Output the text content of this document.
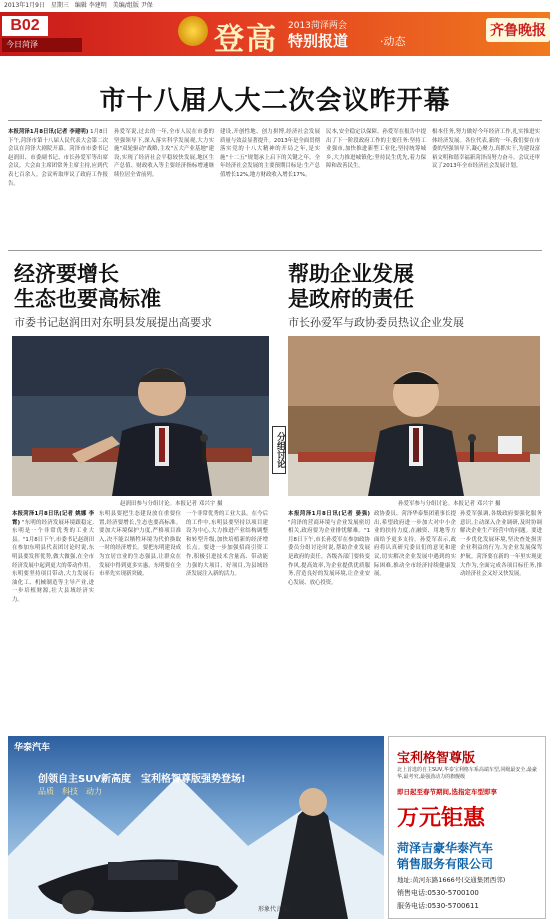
2013年1月9日　星期三　编辑 李建明　美编/组版 尹保
B02
今日菏泽	登高 2013菏泽两会
特别报道	·动态
齐鲁晚报
市十八届人大二次会议昨开幕
本报菏泽1月8日讯(记者 李建明) 1月8日下午,菏泽市第十八届人民代表大会第二次会议在菏泽大剧院开幕。菏泽市市委书记赵润田、市委副书记、市长孙爱军等出席会议。大会由主席团常务主席主持,应到代表七百余人。会议听取审议了政府工作报告。
孙爱军说,过去的一年,全市人民在市委的坚强领导下,深入落实科学发展观,大力实施"双轮驱动"战略,主攻"五大产业基地"建设,实现了经济社会平稳较快发展,地区生产总值、财政收入等主要经济指标增速继续位居全省前列。
建设,开创性地、创力拼博,经济社会发展质量与效益显著提升。2013年是全面贯彻落实党的十八大精神的开局之年,是实施"十二五"规划承上启下的关键之年。全年经济社会发展的主要预期目标是:生产总值增长12%,地方财政收入增长17%。
民本,安全稳定以保障。孙爱军在报告中提出了下一阶段政府工作的主要任务:坚持工业强市,加快推进新型工业化;坚持统筹城乡,大力推进城镇化;坚持民生优先,着力保障和改善民生。
根本任务,努力做好今年经济工作,扎实推进实体经济发展。各位代表,新的一年,我们要在市委的坚强领导下,凝心聚力,真抓实干,为建设富裕文明和谐幸福新菏泽而努力奋斗。会议还审议了2013年全市经济社会发展计划。
经济要增长
生态也要高标准
市委书记赵润田对东明县发展提出高要求
赵润田参与分组讨论。本报记者 邓兴宇 摄
本报菏泽1月8日讯(记者 姚娜 李霄) "东明的经济发展环境跟稳定,东明是一个非常优秀的工业大县。"1月8日下午,市委书记赵润田在参加东明县代表团讨论时说,东明县要发挥优势,做大做强,在全市经济发展中起到更大的带动作用。东明要坚持项目带动,大力发展石油化工、机械制造等主导产业,进一步培植财源,壮大县域经济实力。
东明县要把生态建设放在重要位置,经济要增长,生态也要高标准。要加大环境保护力度,严格项目准入,决不能以牺牲环境为代价换取一时的经济增长。要把东明建设成为宜居宜业的生态强县,让群众在发展中得到更多实惠。东明要在全市率先实现新突破。
一个非常优秀的工业大县。在今后的工作中,东明县要坚持以项目建设为中心,大力推进产业结构调整和转型升级,加快培植新的经济增长点。要进一步加强招商引资工作,积极引进技术含量高、带动能力强的大项目、好项目,为县域经济发展注入新的活力。
分组讨论
帮助企业发展
是政府的责任
市长孙爱军与政协委员热议企业发展
孙爱军参与分组讨论。本报记者 邓兴宇 摄
本报菏泽1月8日讯(记者 晏强) "菏泽的营商环境与企业发展密切相关,政府要为企业排忧解难。"1月8日下午,市长孙爱军在参加政协委员分组讨论时说,帮助企业发展是政府的责任。各级各部门要转变作风,提高效率,为企业提供优质服务,营造良好的发展环境,让企业安心发展、放心投资。
政协委员、菏泽华泰集团董事长提出,希望政府进一步加大对中小企业的扶持力度,在融资、用地等方面给予更多支持。孙爱军表示,政府将认真研究委员们的意见和建议,切实解决企业发展中遇到的实际困难,推动全市经济持续健康发展。
孙爱军强调,各级政府要强化服务意识,主动深入企业调研,及时协调解决企业生产经营中的问题。要进一步优化发展环境,坚决查处损害企业利益的行为,为企业发展保驾护航。菏泽要在新的一年里实现更大作为,全面完成各项目标任务,推动经济社会又好又快发展。
华泰汽车
创领自主SUV新高度　宝利格智尊版强势登场!
品质　科技　动力
形象代言人:
宝利格智尊版
北上首选的自主SUV,华泰宝利格车系高端车型,同级最安全,最豪华,最考究,最强劲动力的旗舰级
即日起至春节期间,选指定车型即享
万元钜惠
菏泽吉豪华泰汽车
销售服务有限公司
地址:黄河东路1666号(交通集团西邻)
销售电话:0530-5700100
服务电话:0530-5700611
